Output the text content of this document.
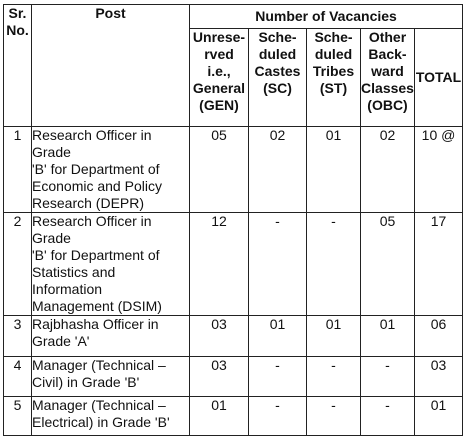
Sr.
No.	Post	Number of Vacancies				

		Unrese-
rved
i.e.,
General
(GEN)	Sche-
duled
Castes
(SC)	Sche-
duled
Tribes
(ST)	Other
Back-
ward
Classes
(OBC)	TOTAL
1	Research Officer in Grade
'B' for Department of
Economic and Policy
Research (DEPR)	05	02	01	02	10 @
2	Research Officer in Grade
'B' for Department of
Statistics and Information
Management (DSIM)	12	-	-	05	17
3	Rajbhasha Officer in
Grade 'A'	03	01	01	01	06
4	Manager (Technical –
Civil) in Grade 'B'	03	-	-	-	03
5	Manager (Technical –
Electrical) in Grade 'B'	01	-	-	-	01
